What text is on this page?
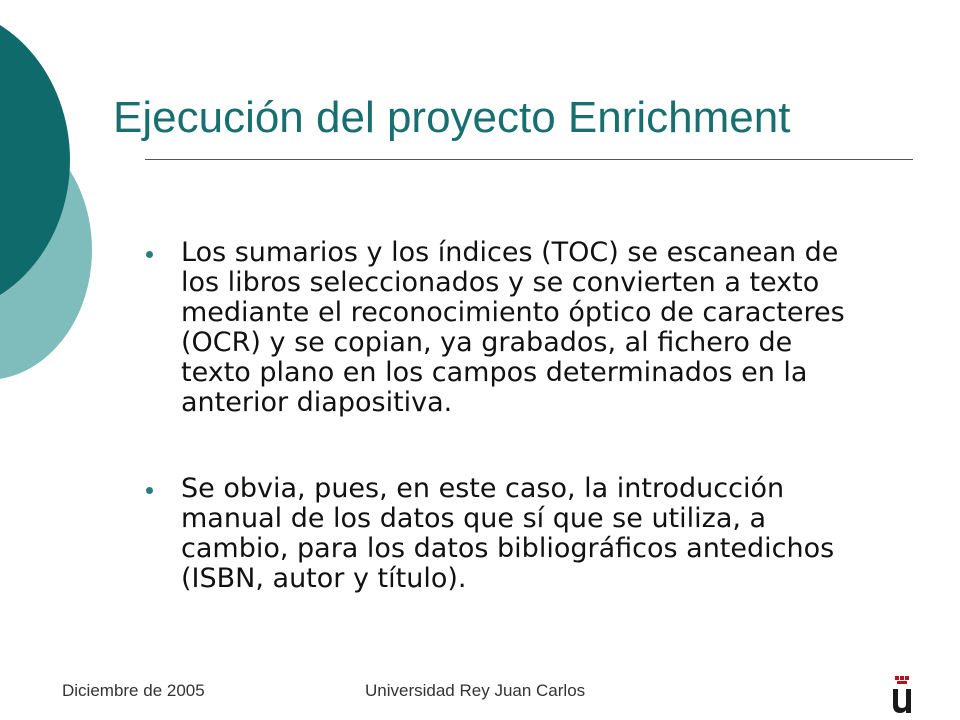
Ejecución del proyecto Enrichment
Los sumarios y los índices (TOC) se escanean de los libros seleccionados y se convierten a texto mediante el reconocimiento óptico de caracteres (OCR) y se copian, ya grabados, al fichero de texto plano en los campos determinados en la anterior diapositiva.
Se obvia, pues, en este caso, la introducción manual de los datos que sí que se utiliza, a cambio, para los datos bibliográficos antedichos (ISBN, autor y título).
Diciembre de 2005	Universidad Rey Juan Carlos
